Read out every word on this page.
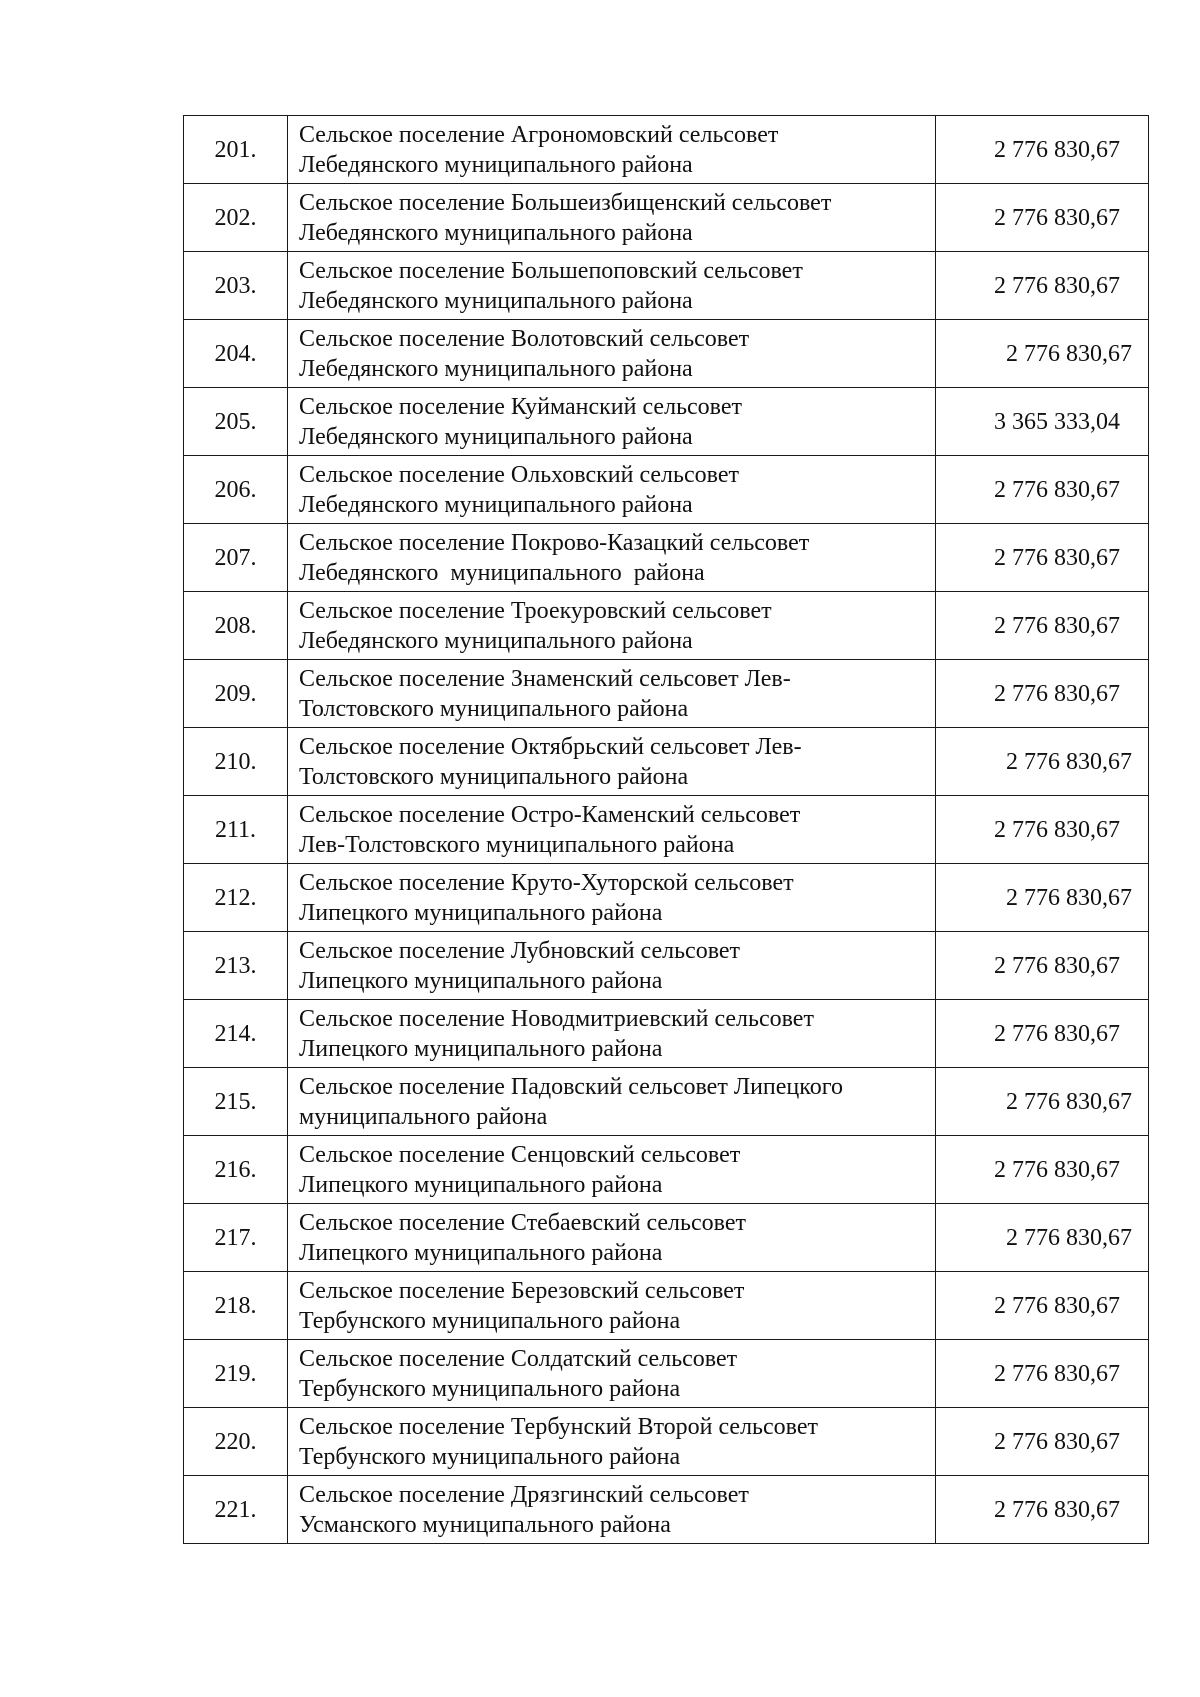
201.	Сельское поселение Агрономовский сельсовет
Лебедянского муниципального района	2 776 830,67
202.	Сельское поселение Большеизбищенский сельсовет
Лебедянского муниципального района	2 776 830,67
203.	Сельское поселение Большепоповский сельсовет
Лебедянского муниципального района	2 776 830,67
204.	Сельское поселение Волотовский сельсовет
Лебедянского муниципального района	2 776 830,67
205.	Сельское поселение Куйманский сельсовет
Лебедянского муниципального района	3 365 333,04
206.	Сельское поселение Ольховский сельсовет
Лебедянского муниципального района	2 776 830,67
207.	Сельское поселение Покрово-Казацкий сельсовет
Лебедянского  муниципального  района	2 776 830,67
208.	Сельское поселение Троекуровский сельсовет
Лебедянского муниципального района	2 776 830,67
209.	Сельское поселение Знаменский сельсовет Лев-
Толстовского муниципального района	2 776 830,67
210.	Сельское поселение Октябрьский сельсовет Лев-
Толстовского муниципального района	2 776 830,67
211.	Сельское поселение Остро-Каменский сельсовет
Лев-Толстовского муниципального района	2 776 830,67
212.	Сельское поселение Круто-Хуторской сельсовет
Липецкого муниципального района	2 776 830,67
213.	Сельское поселение Лубновский сельсовет
Липецкого муниципального района	2 776 830,67
214.	Сельское поселение Новодмитриевский сельсовет
Липецкого муниципального района	2 776 830,67
215.	Сельское поселение Падовский сельсовет Липецкого
муниципального района	2 776 830,67
216.	Сельское поселение Сенцовский сельсовет
Липецкого муниципального района	2 776 830,67
217.	Сельское поселение Стебаевский сельсовет
Липецкого муниципального района	2 776 830,67
218.	Сельское поселение Березовский сельсовет
Тербунского муниципального района	2 776 830,67
219.	Сельское поселение Солдатский сельсовет
Тербунского муниципального района	2 776 830,67
220.	Сельское поселение Тербунский Второй сельсовет
Тербунского муниципального района	2 776 830,67
221.	Сельское поселение Дрязгинский сельсовет
Усманского муниципального района	2 776 830,67
